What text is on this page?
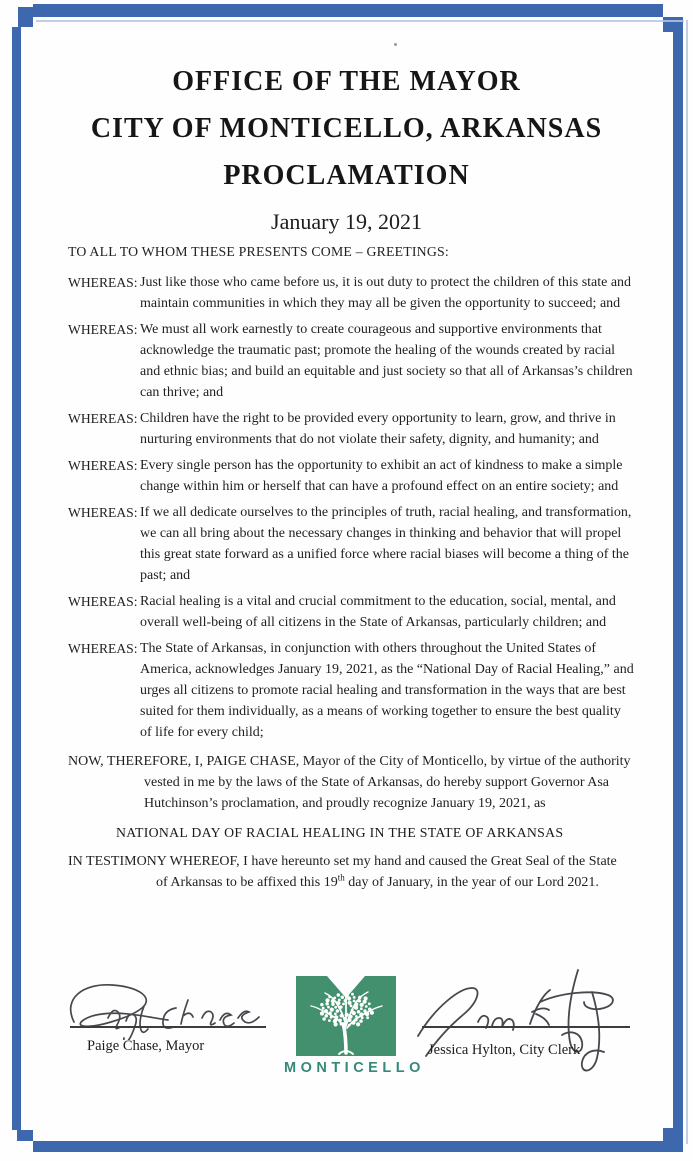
OFFICE OF THE MAYOR
CITY OF MONTICELLO, ARKANSAS
PROCLAMATION
January 19, 2021
TO ALL TO WHOM THESE PRESENTS COME – GREETINGS:
WHEREAS: Just like those who came before us, it is out duty to protect the children of this state and maintain communities in which they may all be given the opportunity to succeed; and
WHEREAS: We must all work earnestly to create courageous and supportive environments that acknowledge the traumatic past; promote the healing of the wounds created by racial and ethnic bias; and build an equitable and just society so that all of Arkansas’s children can thrive; and
WHEREAS: Children have the right to be provided every opportunity to learn, grow, and thrive in nurturing environments that do not violate their safety, dignity, and humanity; and
WHEREAS: Every single person has the opportunity to exhibit an act of kindness to make a simple change within him or herself that can have a profound effect on an entire society; and
WHEREAS: If we all dedicate ourselves to the principles of truth, racial healing, and transformation, we can all bring about the necessary changes in thinking and behavior that will propel this great state forward as a unified force where racial biases will become a thing of the past; and
WHEREAS: Racial healing is a vital and crucial commitment to the education, social, mental, and overall well-being of all citizens in the State of Arkansas, particularly children; and
WHEREAS: The State of Arkansas, in conjunction with others throughout the United States of America, acknowledges January 19, 2021, as the “National Day of Racial Healing,” and urges all citizens to promote racial healing and transformation in the ways that are best suited for them individually, as a means of working together to ensure the best quality of life for every child;
NOW, THEREFORE, I, PAIGE CHASE, Mayor of the City of Monticello, by virtue of the authority
vested in me by the laws of the State of Arkansas, do hereby support Governor Asa
Hutchinson’s proclamation, and proudly recognize January 19, 2021, as
NATIONAL DAY OF RACIAL HEALING IN THE STATE OF ARKANSAS
IN TESTIMONY WHEREOF, I have hereunto set my hand and caused the Great Seal of the State
of Arkansas to be affixed this 19th day of January, in the year of our Lord 2021.
Paige Chase, Mayor
MONTICELLO
Jessica Hylton, City Clerk
